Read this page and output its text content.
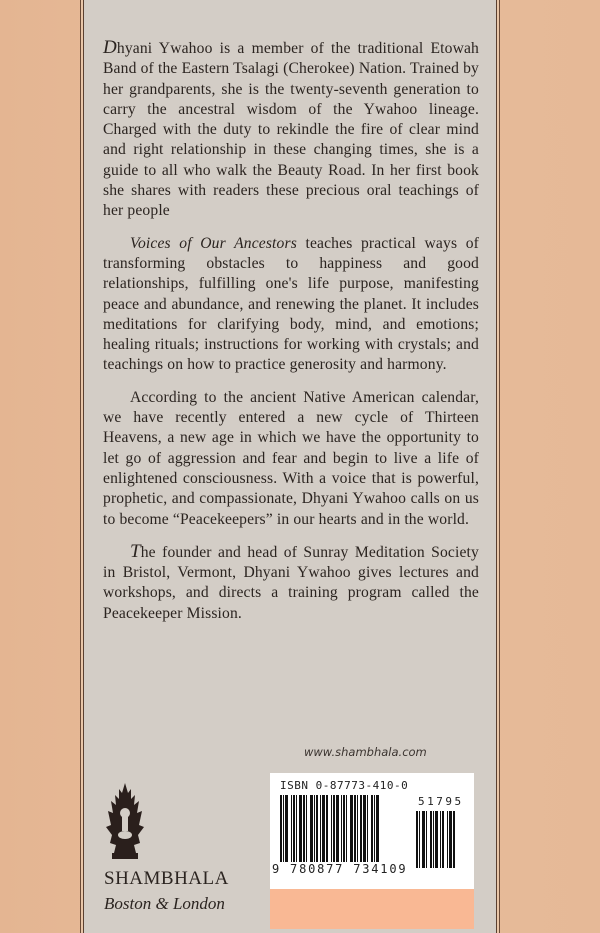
Dhyani Ywahoo is a member of the traditional Etowah Band of the Eastern Tsalagi (Cherokee) Nation. Trained by her grandparents, she is the twenty-seventh generation to carry the ancestral wisdom of the Ywahoo lineage. Charged with the duty to rekindle the fire of clear mind and right relationship in these changing times, she is a guide to all who walk the Beauty Road. In her first book she shares with readers these precious oral teachings of her people

Voices of Our Ancestors teaches practical ways of transforming obstacles to happiness and good relationships, fulfilling one's life purpose, manifesting peace and abundance, and renewing the planet. It includes meditations for clarifying body, mind, and emotions; healing rituals; instructions for working with crystals; and teachings on how to practice generosity and harmony.

According to the ancient Native American calendar, we have recently entered a new cycle of Thirteen Heavens, a new age in which we have the opportunity to let go of aggression and fear and begin to live a life of enlightened consciousness. With a voice that is powerful, prophetic, and compassionate, Dhyani Ywahoo calls on us to become “Peacekeepers” in our hearts and in the world.

The founder and head of Sunray Meditation Society in Bristol, Vermont, Dhyani Ywahoo gives lectures and workshops, and directs a training program called the Peacekeeper Mission.

www.shambhala.com
SHAMBHALA
Boston & London
ISBN 0-87773-410-0
51795
9 780877 734109
